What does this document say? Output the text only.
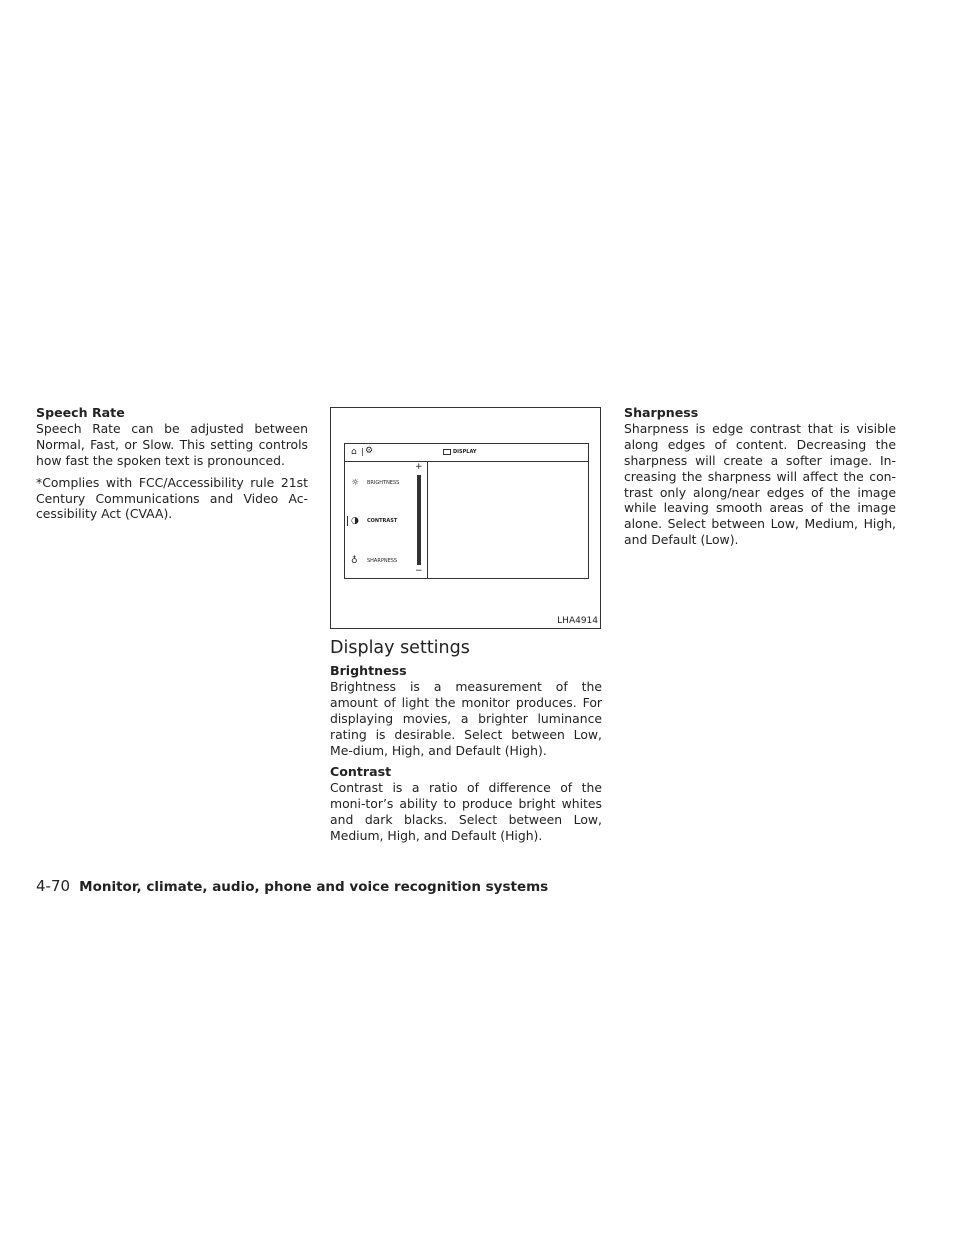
Speech Rate

Speech Rate can be adjusted between Normal, Fast, or Slow. This setting controls how fast the spoken text is pronounced.

*Complies with FCC/Accessibility rule 21st Century Communications and Video Ac-cessibility Act (CVAA).

⌂ | ⚙	DISPLAY
☼ BRIGHTNESS
◑ CONTRAST
♁ SHARPNESS
+
−
LHA4914
Display settings
Brightness

Brightness is a measurement of the amount of light the monitor produces. For displaying movies, a brighter luminance rating is desirable. Select between Low, Me-dium, High, and Default (High).

Contrast

Contrast is a ratio of difference of the moni-tor’s ability to produce bright whites and dark blacks. Select between Low, Medium, High, and Default (High).

Sharpness

Sharpness is edge contrast that is visible along edges of content. Decreasing the sharpness will create a softer image. In-creasing the sharpness will affect the con-trast only along/near edges of the image while leaving smooth areas of the image alone. Select between Low, Medium, High, and Default (Low).

4-70 Monitor, climate, audio, phone and voice recognition systems
